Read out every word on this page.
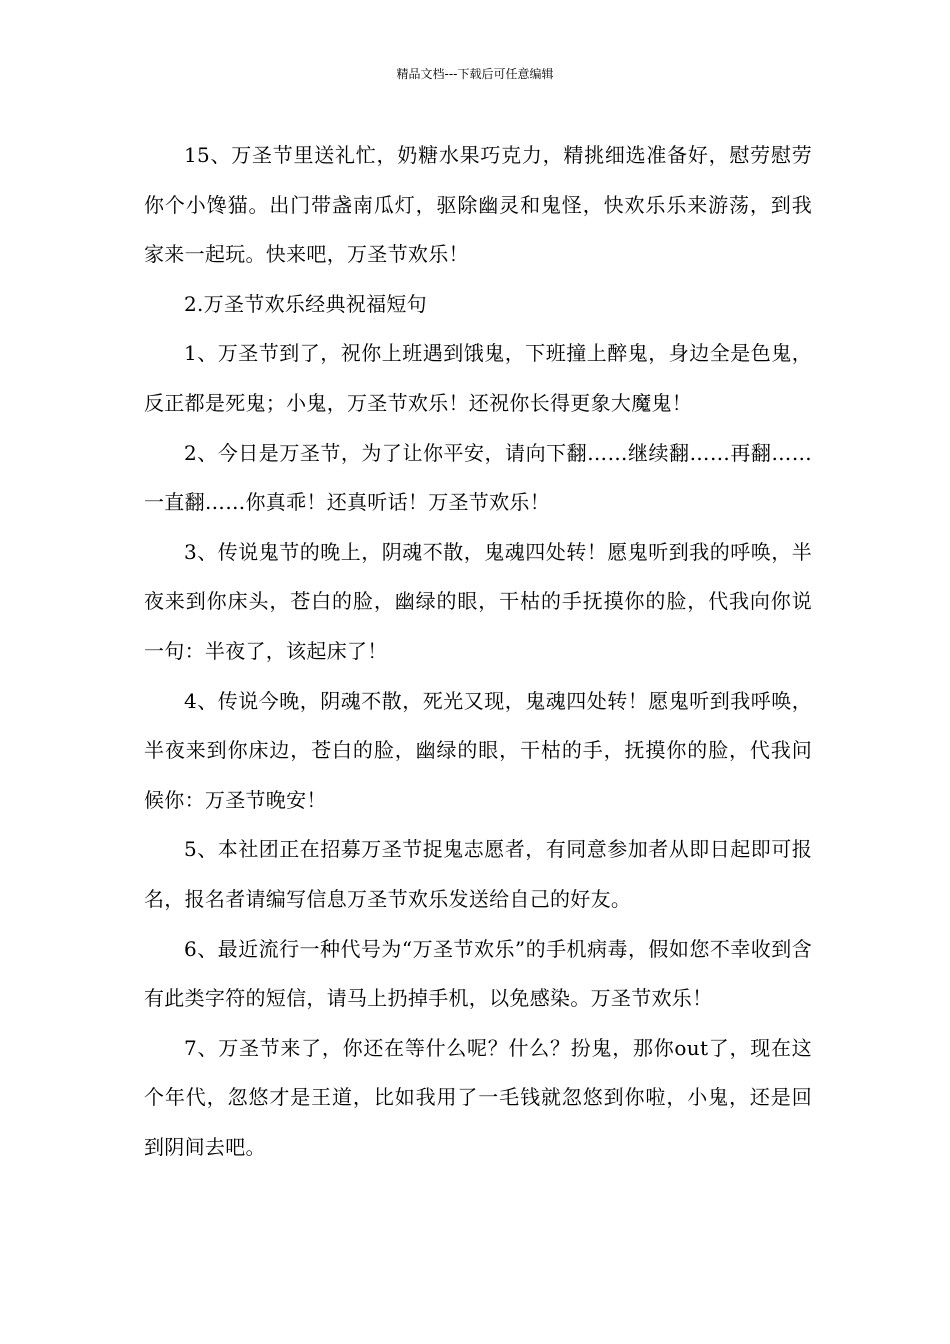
精品文档---下载后可任意编辑

15、万圣节里送礼忙，奶糖水果巧克力，精挑细选准备好，慰劳慰劳你个小馋猫。出门带盏南瓜灯，驱除幽灵和鬼怪，快欢乐乐来游荡，到我家来一起玩。快来吧，万圣节欢乐！

2.万圣节欢乐经典祝福短句

1、万圣节到了，祝你上班遇到饿鬼，下班撞上醉鬼，身边全是色鬼，反正都是死鬼；小鬼，万圣节欢乐！还祝你长得更象大魔鬼！

2、今日是万圣节，为了让你平安，请向下翻……继续翻……再翻……一直翻……你真乖！还真听话！万圣节欢乐！

3、传说鬼节的晚上，阴魂不散，鬼魂四处转！愿鬼听到我的呼唤，半夜来到你床头，苍白的脸，幽绿的眼，干枯的手抚摸你的脸，代我向你说一句：半夜了，该起床了！

4、传说今晚，阴魂不散，死光又现，鬼魂四处转！愿鬼听到我呼唤，半夜来到你床边，苍白的脸，幽绿的眼，干枯的手，抚摸你的脸，代我问候你：万圣节晚安！

5、本社团正在招募万圣节捉鬼志愿者，有同意参加者从即日起即可报名，报名者请编写信息万圣节欢乐发送给自己的好友。

6、最近流行一种代号为“万圣节欢乐”的手机病毒，假如您不幸收到含有此类字符的短信，请马上扔掉手机，以免感染。万圣节欢乐！

7、万圣节来了，你还在等什么呢？什么？扮鬼，那你out了，现在这个年代，忽悠才是王道，比如我用了一毛钱就忽悠到你啦，小鬼，还是回到阴间去吧。
